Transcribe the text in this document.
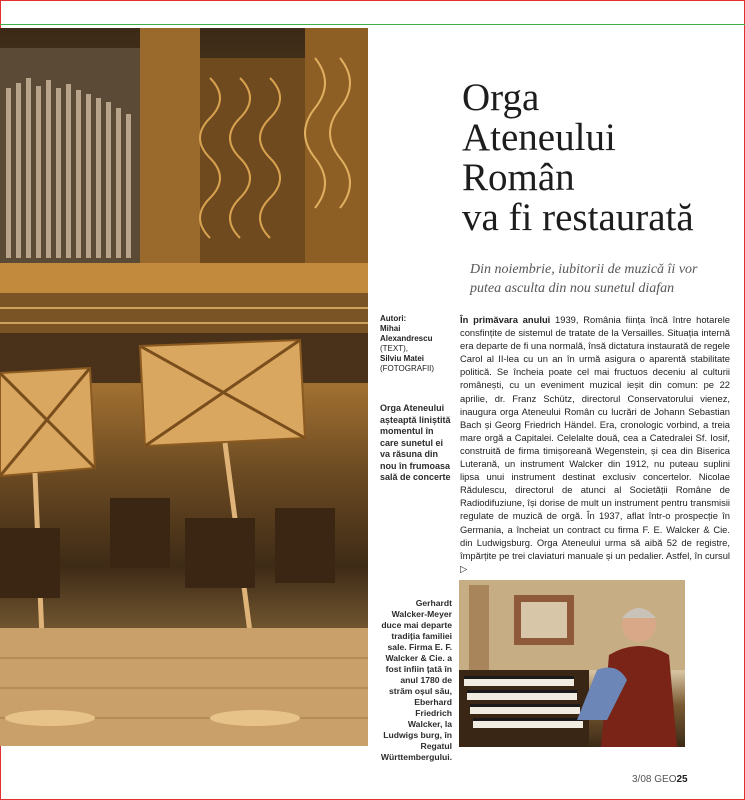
Orga
Ateneului
Român
va fi restaurată
Din noiembrie, iubitorii de muzică îi vor putea asculta din nou sunetul diafan
Autori:
Mihai Alexandrescu
(TEXT),
Silviu Matei
(FOTOGRAFII)
Orga Ateneului așteaptă liniștită momentul în care sunetul ei va răsuna din nou în frumoasa sală de concerte
În primăvara anului 1939, România ființa încă între hotarele consfințite de sistemul de tratate de la Versailles. Situația internă era departe de fi una normală, însă dictatura instaurată de regele Carol al II-lea cu un an în urmă asigura o aparentă stabilitate politică. Se încheia poate cel mai fructuos deceniu al culturii românești, cu un eveniment muzical ieșit din comun: pe 22 aprilie, dr. Franz Schütz, directorul Conservatorului vienez, inaugura orga Ateneului Român cu lucrări de Johann Sebastian Bach și Georg Friedrich Händel. Era, cronologic vorbind, a treia mare orgă a Capitalei. Celelalte două, cea a Catedralei Sf. Iosif, construită de firma timișoreană Wegenstein, și cea din Biserica Luterană, un instrument Walcker din 1912, nu puteau suplini lipsa unui instrument destinat exclusiv concertelor. Nicolae Rădulescu, directorul de atunci al Societății Române de Radiodifuziune, își dorise de mult un instrument pentru transmisii regulate de muzică de orgă. În 1937, aflat într-o prospecție în Germania, a încheiat un contract cu firma F. E. Walcker & Cie. din Ludwigsburg. Orga Ateneului urma să aibă 52 de registre, împărțite pe trei claviaturi manuale și un pedalier. Astfel, în cursul ▷
Gerhardt Walcker-Meyer duce mai departe tradiția familiei sale. Firma E. F. Walcker & Cie. a fost înfiin țată în anul 1780 de străm oșul său, Eberhard Friedrich Walcker, la Ludwigs burg, în Regatul Württembergului.
3/08 GEO25
